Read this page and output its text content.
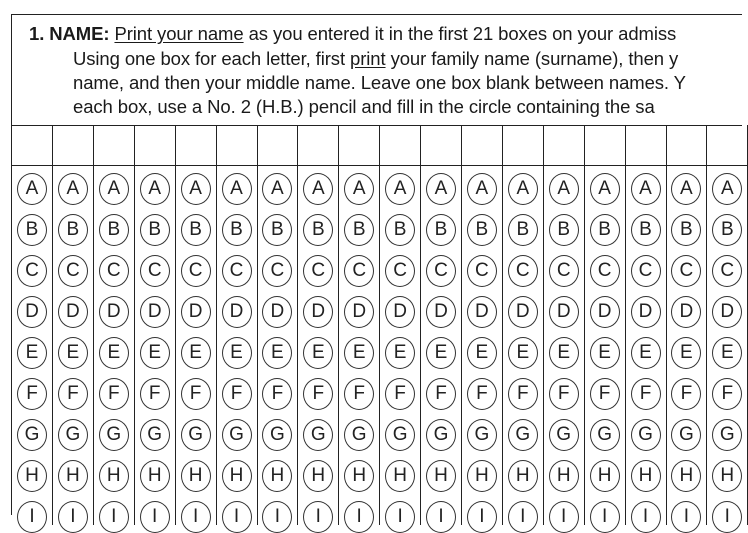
1. NAME: Print your name as you entered it in the first 21 boxes on your admiss
Using one box for each letter, first print your family name (surname), then y
name, and then your middle name. Leave one box blank between names. Y
each box, use a No. 2 (H.B.) pencil and fill in the circle containing the sa
A
B
C
D
E
F
G
H
I
A
B
C
D
E
F
G
H
I
A
B
C
D
E
F
G
H
I
A
B
C
D
E
F
G
H
I
A
B
C
D
E
F
G
H
I
A
B
C
D
E
F
G
H
I
A
B
C
D
E
F
G
H
I
A
B
C
D
E
F
G
H
I
A
B
C
D
E
F
G
H
I
A
B
C
D
E
F
G
H
I
A
B
C
D
E
F
G
H
I
A
B
C
D
E
F
G
H
I
A
B
C
D
E
F
G
H
I
A
B
C
D
E
F
G
H
I
A
B
C
D
E
F
G
H
I
A
B
C
D
E
F
G
H
I
A
B
C
D
E
F
G
H
I
A
B
C
D
E
F
G
H
I
